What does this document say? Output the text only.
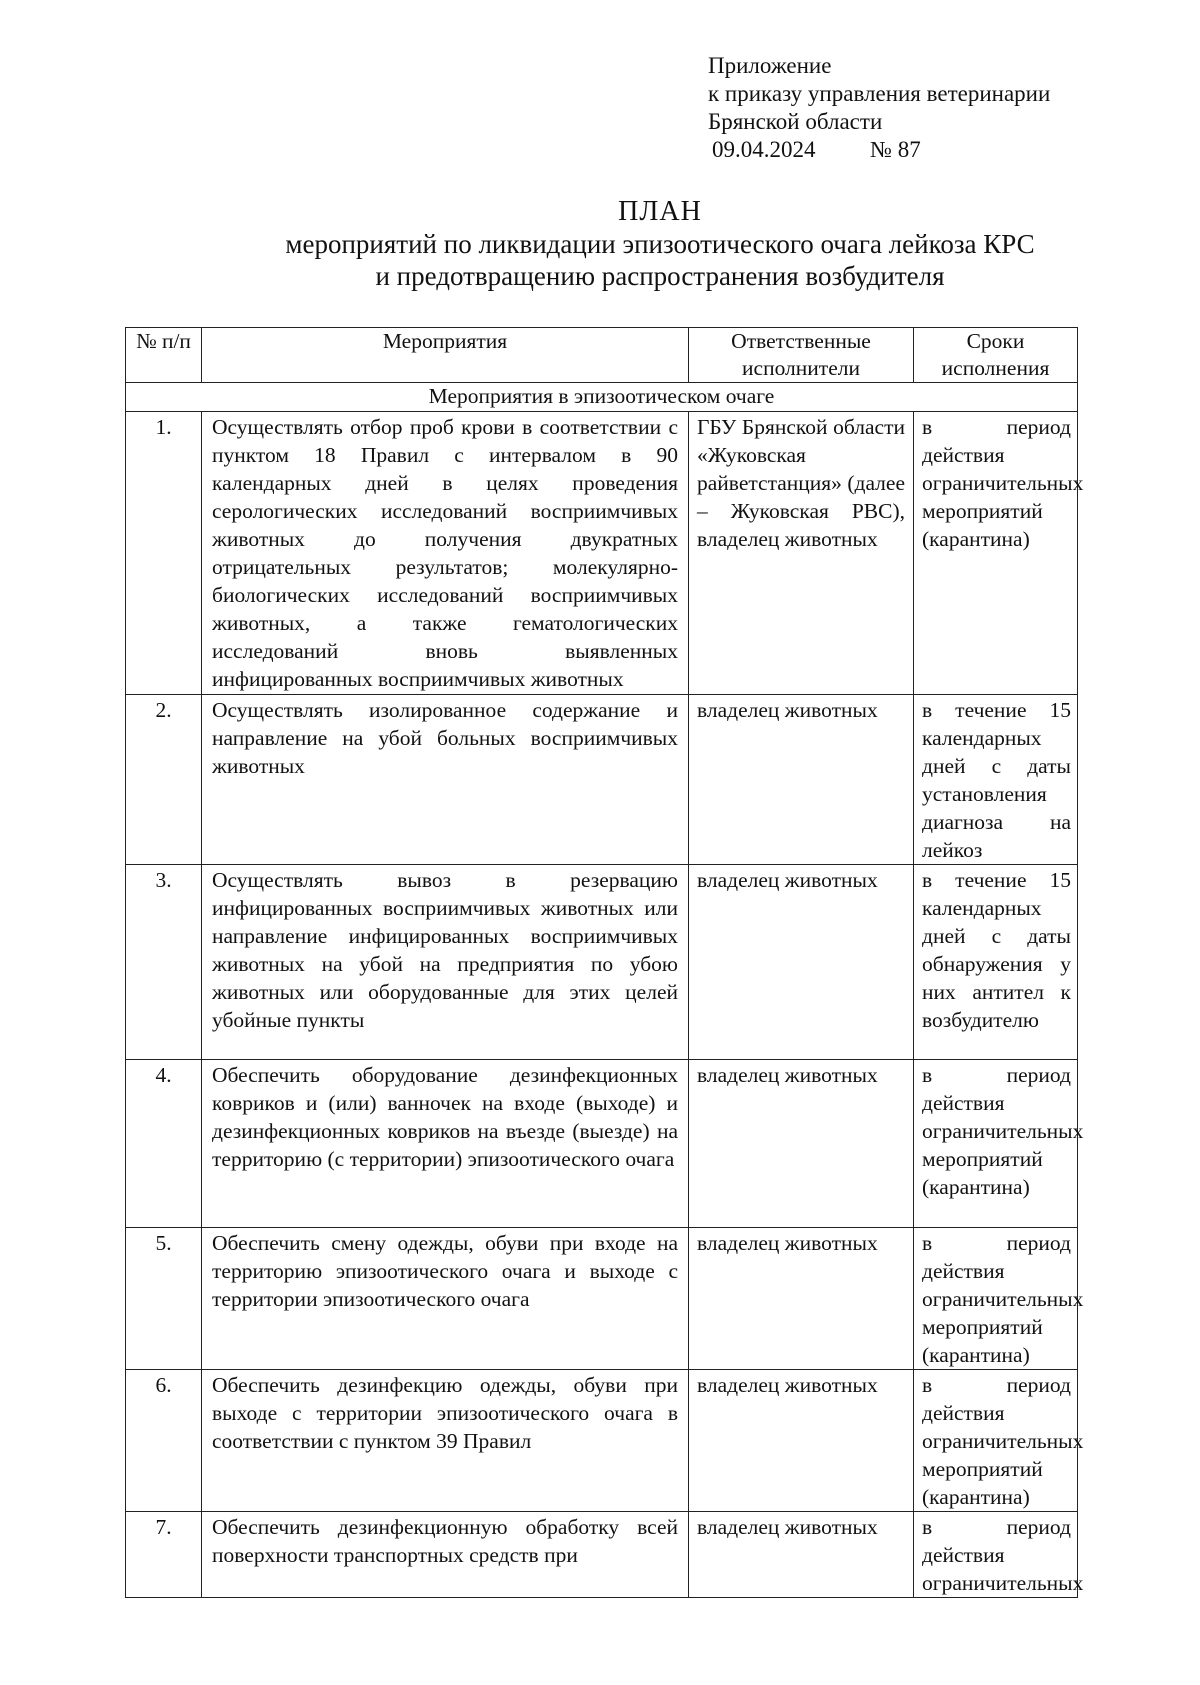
Приложение
к приказу управления ветеринарии
Брянской области
09.04.2024 № 87
ПЛАН
мероприятий по ликвидации эпизоотического очага лейкоза КРС
и предотвращению распространения возбудителя
№ п/п	Мероприятия	Ответственные исполнители	Сроки исполнения
Мероприятия в эпизоотическом очаге			
1.	Осуществлять отбор проб крови в соответствии с пунктом 18 Правил с интервалом в 90 календарных дней в целях проведения серологических исследований восприимчивых животных до получения двукратных отрицательных результатов; молекулярно-биологических исследований восприимчивых животных, а также гематологических исследований вновь выявленных инфицированных восприимчивых животных	ГБУ Брянской области «Жуковская райветстанция» (далее – Жуковская РВС), владелец животных	в период действия ограничительных мероприятий (карантина)
2.	Осуществлять изолированное содержание и направление на убой больных восприимчивых животных	владелец животных	в течение 15 календарных дней с даты установления диагноза на лейкоз
3.	Осуществлять вывоз в резервацию инфицированных восприимчивых животных или направление инфицированных восприимчивых животных на убой на предприятия по убою животных или оборудованные для этих целей убойные пункты	владелец животных	в течение 15 календарных дней с даты обнаружения у них антител к возбудителю
4.	Обеспечить оборудование дезинфекционных ковриков и (или) ванночек на входе (выходе) и дезинфекционных ковриков на въезде (выезде) на территорию (с территории) эпизоотического очага	владелец животных	в период действия ограничительных мероприятий (карантина)
5.	Обеспечить смену одежды, обуви при входе на территорию эпизоотического очага и выходе с территории эпизоотического очага	владелец животных	в период действия ограничительных мероприятий (карантина)
6.	Обеспечить дезинфекцию одежды, обуви при выходе с территории эпизоотического очага в соответствии с пунктом 39 Правил	владелец животных	в период действия ограничительных мероприятий (карантина)
7.	Обеспечить дезинфекционную обработку всей поверхности транспортных средств при	владелец животных	в период действия ограничительных
